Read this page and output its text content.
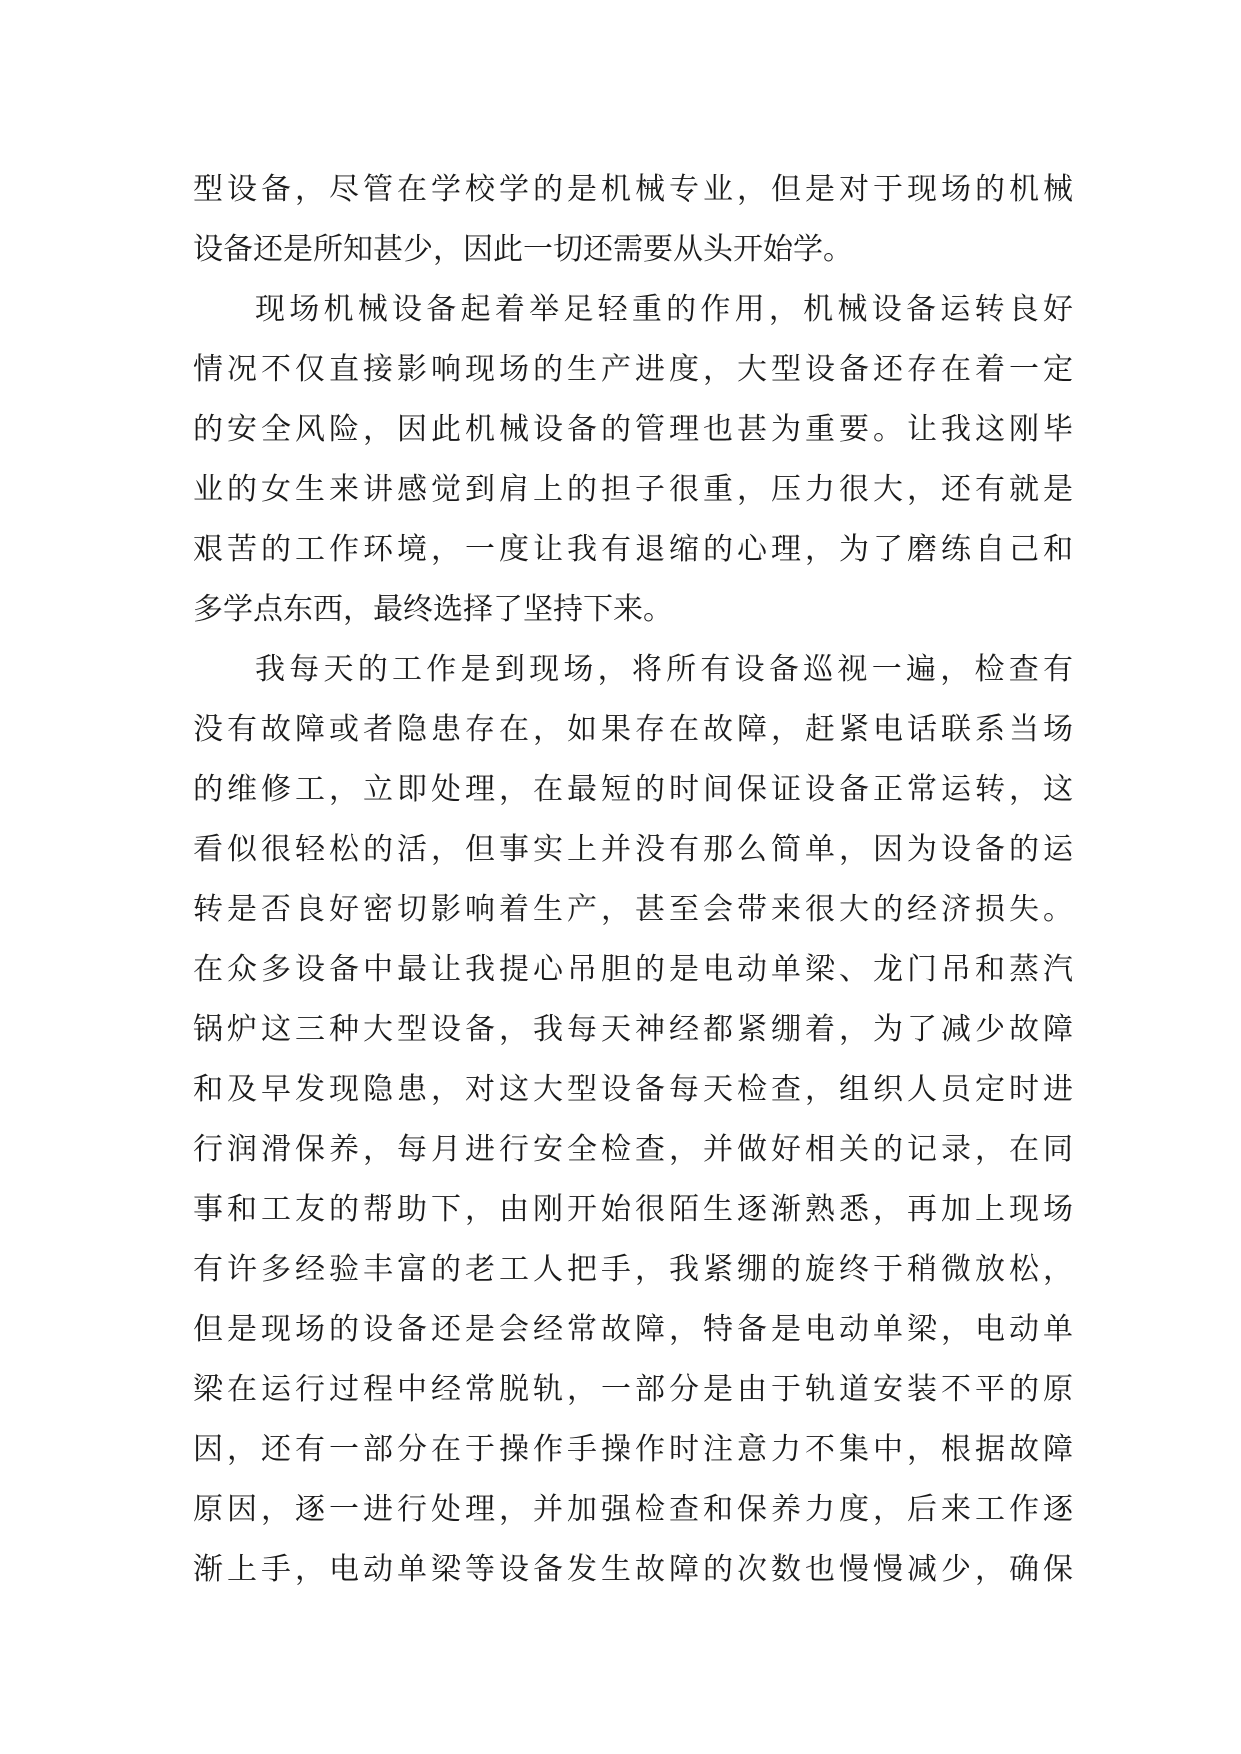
型设备，尽管在学校学的是机械专业，但是对于现场的机械
设备还是所知甚少，因此一切还需要从头开始学。
现场机械设备起着举足轻重的作用，机械设备运转良好
情况不仅直接影响现场的生产进度，大型设备还存在着一定
的安全风险，因此机械设备的管理也甚为重要。让我这刚毕
业的女生来讲感觉到肩上的担子很重，压力很大，还有就是
艰苦的工作环境，一度让我有退缩的心理，为了磨练自己和
多学点东西，最终选择了坚持下来。
我每天的工作是到现场，将所有设备巡视一遍，检查有
没有故障或者隐患存在，如果存在故障，赶紧电话联系当场
的维修工，立即处理，在最短的时间保证设备正常运转，这
看似很轻松的活，但事实上并没有那么简单，因为设备的运
转是否良好密切影响着生产，甚至会带来很大的经济损失。
在众多设备中最让我提心吊胆的是电动单梁、龙门吊和蒸汽
锅炉这三种大型设备，我每天神经都紧绷着，为了减少故障
和及早发现隐患，对这大型设备每天检查，组织人员定时进
行润滑保养，每月进行安全检查，并做好相关的记录，在同
事和工友的帮助下，由刚开始很陌生逐渐熟悉，再加上现场
有许多经验丰富的老工人把手，我紧绷的旋终于稍微放松，
但是现场的设备还是会经常故障，特备是电动单梁，电动单
梁在运行过程中经常脱轨，一部分是由于轨道安装不平的原
因，还有一部分在于操作手操作时注意力不集中，根据故障
原因，逐一进行处理，并加强检查和保养力度，后来工作逐
渐上手，电动单梁等设备发生故障的次数也慢慢减少，确保
